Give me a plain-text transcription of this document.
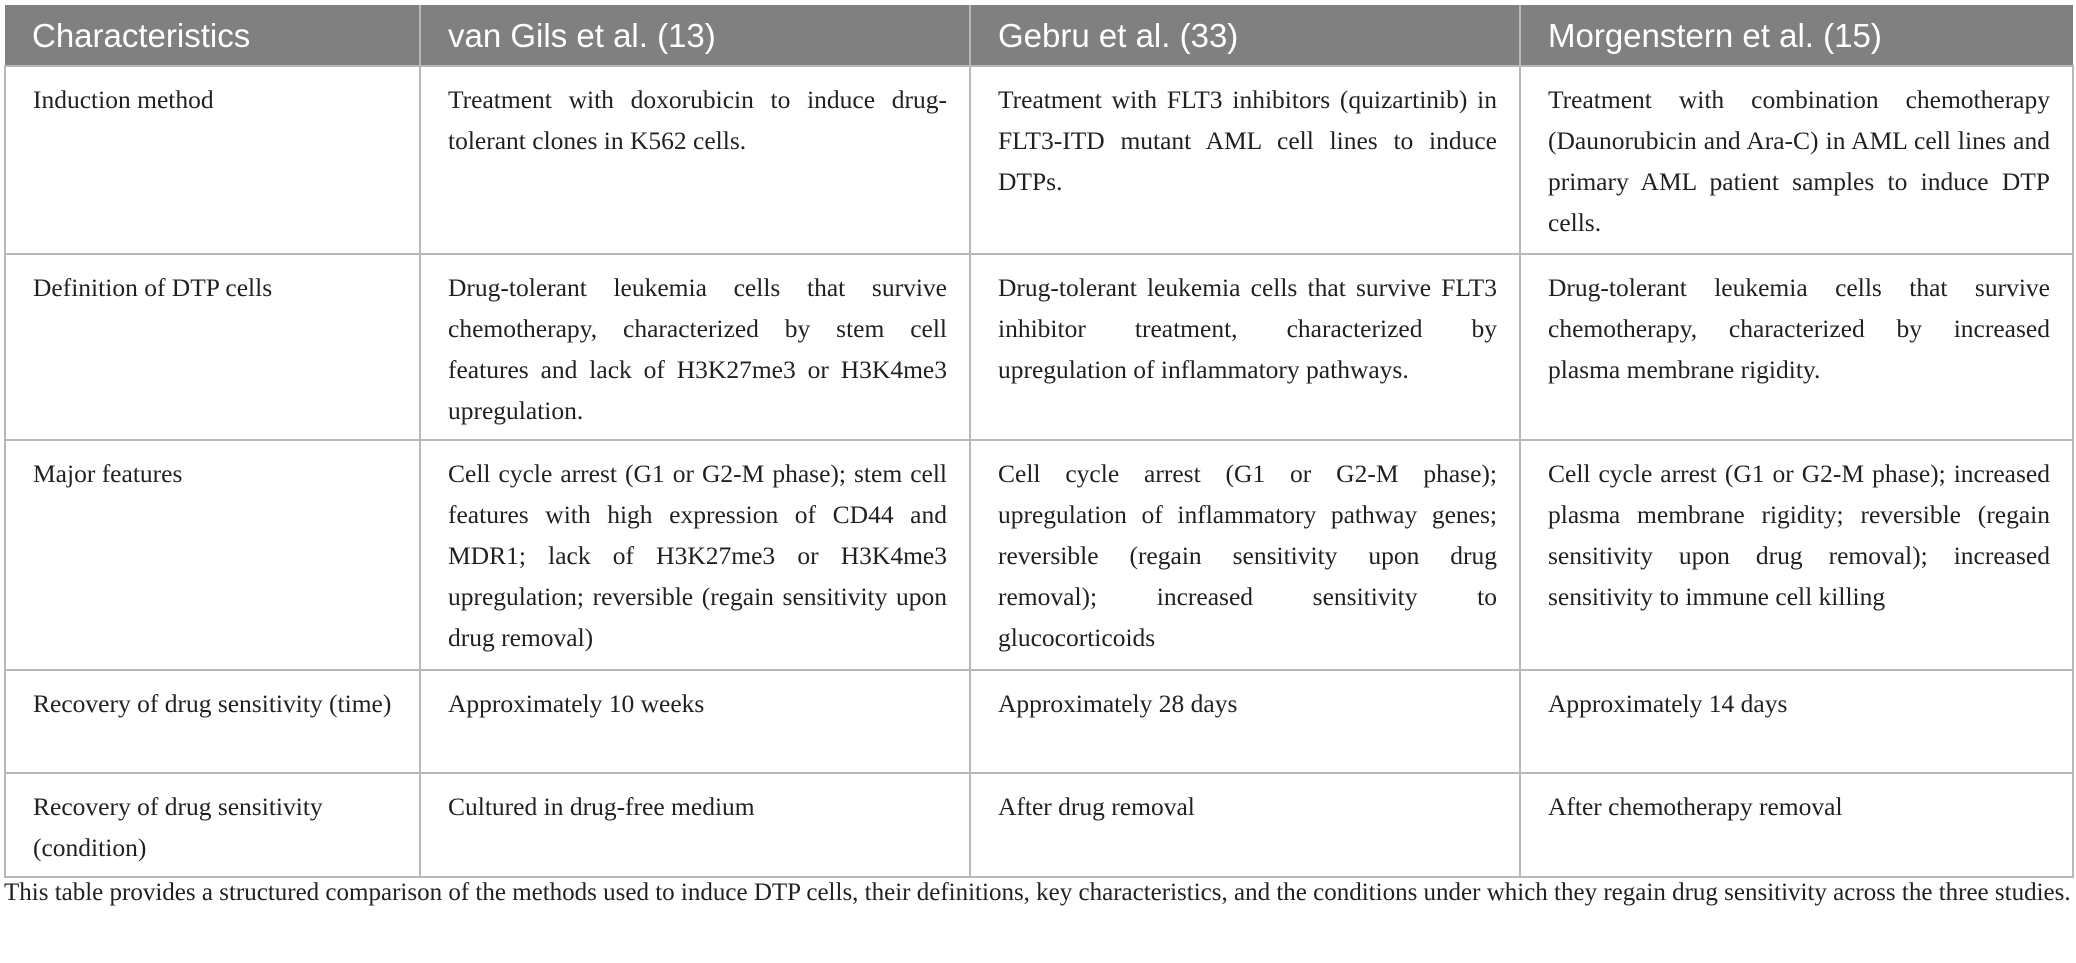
Characteristics	van Gils et al. (13)	Gebru et al. (33)	Morgenstern et al. (15)
Induction method	Treatment with doxorubicin to induce drug-tolerant clones in K562 cells.	Treatment with FLT3 inhibitors (quizartinib) in FLT3-ITD mutant AML cell lines to induce DTPs.	Treatment with combination chemotherapy (Daunorubicin and Ara-C) in AML cell lines and primary AML patient samples to induce DTP cells.
Definition of DTP cells	Drug-tolerant leukemia cells that survive chemotherapy, characterized by stem cell features and lack of H3K27me3 or H3K4me3 upregulation.	Drug-tolerant leukemia cells that survive FLT3 inhibitor treatment, characterized by upregulation of inflammatory pathways.	Drug-tolerant leukemia cells that survive chemotherapy, characterized by increased plasma membrane rigidity.
Major features	Cell cycle arrest (G1 or G2-M phase); stem cell features with high expression of CD44 and MDR1; lack of H3K27me3 or H3K4me3 upregulation; reversible (regain sensitivity upon drug removal)	Cell cycle arrest (G1 or G2-M phase); upregulation of inflammatory pathway genes; reversible (regain sensitivity upon drug removal); increased sensitivity to glucocorticoids	Cell cycle arrest (G1 or G2-M phase); increased plasma membrane rigidity; reversible (regain sensitivity upon drug removal); increased sensitivity to immune cell killing
Recovery of drug sensitivity (time)	Approximately 10 weeks	Approximately 28 days	Approximately 14 days
Recovery of drug sensitivity (condition)	Cultured in drug-free medium	After drug removal	After chemotherapy removal

This table provides a structured comparison of the methods used to induce DTP cells, their definitions, key characteristics, and the conditions under which they regain drug sensitivity across the three studies.
